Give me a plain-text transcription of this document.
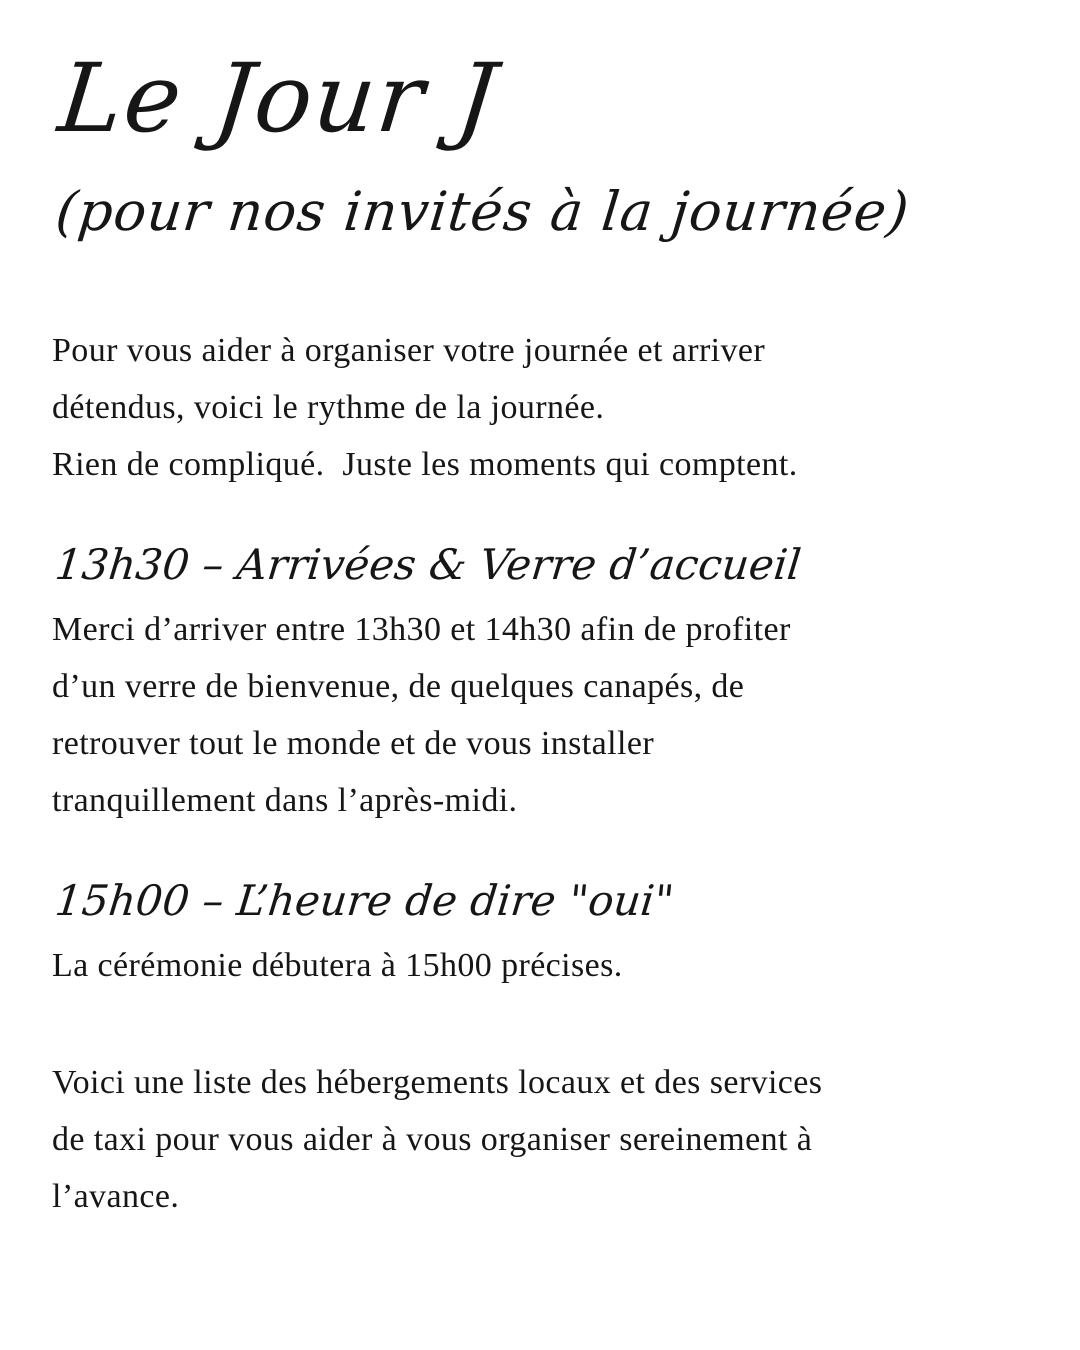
Le Jour J
(pour nos invités à la journée)
Pour vous aider à organiser votre journée et arriver
détendus, voici le rythme de la journée.
Rien de compliqué.  Juste les moments qui comptent.
13h30 – Arrivées & Verre d’accueil
Merci d’arriver entre 13h30 et 14h30 afin de profiter
d’un verre de bienvenue, de quelques canapés, de
retrouver tout le monde et de vous installer
tranquillement dans l’après-midi.
15h00 – L’heure de dire "oui"
La cérémonie débutera à 15h00 précises.
Voici une liste des hébergements locaux et des services
de taxi pour vous aider à vous organiser sereinement à
l’avance.
